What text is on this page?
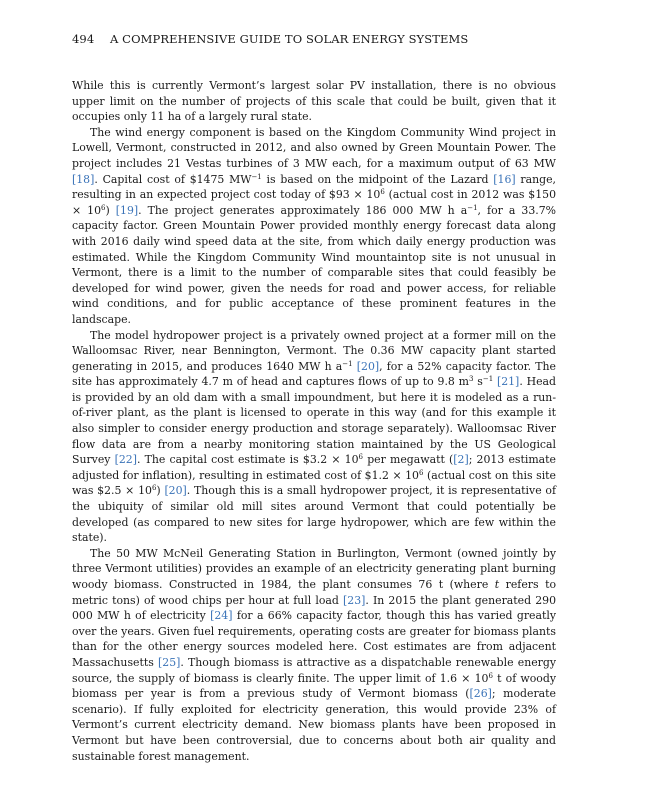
494 A COMPREHENSIVE GUIDE TO SOLAR ENERGY SYSTEMS

While this is currently Vermont’s largest solar PV installation, there is no obvious upper limit on the number of projects of this scale that could be built, given that it occupies only 11 ha of a largely rural state.

The wind energy component is based on the Kingdom Community Wind project in Lowell, Vermont, constructed in 2012, and also owned by Green Mountain Power. The project includes 21 Vestas turbines of 3 MW each, for a maximum output of 63 MW [18]. Capital cost of $1475 $MW^{-1}$ is based on the midpoint of the Lazard [16] range, resulting in an expected project cost today of $93 × $10^6$ (actual cost in 2012 was $150 × $10^6$) [19]. The project generates approximately 186 000 MW h $a^{-1}$, for a 33.7% capacity factor. Green Mountain Power provided monthly energy forecast data along with 2016 daily wind speed data at the site, from which daily energy production was estimated. While the Kingdom Community Wind mountaintop site is not unusual in Vermont, there is a limit to the number of comparable sites that could feasibly be developed for wind power, given the needs for road and power access, for reliable wind conditions, and for public acceptance of these prominent features in the landscape.

The model hydropower project is a privately owned project at a former mill on the Walloomsac River, near Bennington, Vermont. The 0.36 MW capacity plant started generating in 2015, and produces 1640 MW h $a^{-1}$ [20], for a 52% capacity factor. The site has approximately 4.7 m of head and captures flows of up to 9.8 $m^3$ $s^{-1}$ [21]. Head is provided by an old dam with a small impoundment, but here it is modeled as a run-of-river plant, as the plant is licensed to operate in this way (and for this example it also simpler to consider energy production and storage separately). Walloomsac River flow data are from a nearby monitoring station maintained by the US Geological Survey [22]. The capital cost estimate is $3.2 × $10^6$ per megawatt ([2]; 2013 estimate adjusted for inflation), resulting in estimated cost of $1.2 × $10^6$ (actual cost on this site was $2.5 × $10^6$) [20]. Though this is a small hydropower project, it is representative of the ubiquity of similar old mill sites around Vermont that could potentially be developed (as compared to new sites for large hydropower, which are few within the state).

The 50 MW McNeil Generating Station in Burlington, Vermont (owned jointly by three Vermont utilities) provides an example of an electricity generating plant burning woody biomass. Constructed in 1984, the plant consumes 76 t (where t refers to metric tons) of wood chips per hour at full load [23]. In 2015 the plant generated 290 000 MW h of electricity [24] for a 66% capacity factor, though this has varied greatly over the years. Given fuel requirements, operating costs are greater for biomass plants than for the other energy sources modeled here. Cost estimates are from adjacent Massachusetts [25]. Though biomass is attractive as a dispatchable renewable energy source, the supply of biomass is clearly finite. The upper limit of $1.6 \times 10^6$ t of woody biomass per year is from a previous study of Vermont biomass ([26]; moderate scenario). If fully exploited for electricity generation, this would provide 23% of Vermont’s current electricity demand. New biomass plants have been proposed in Vermont but have been controversial, due to concerns about both air quality and sustainable forest management.
